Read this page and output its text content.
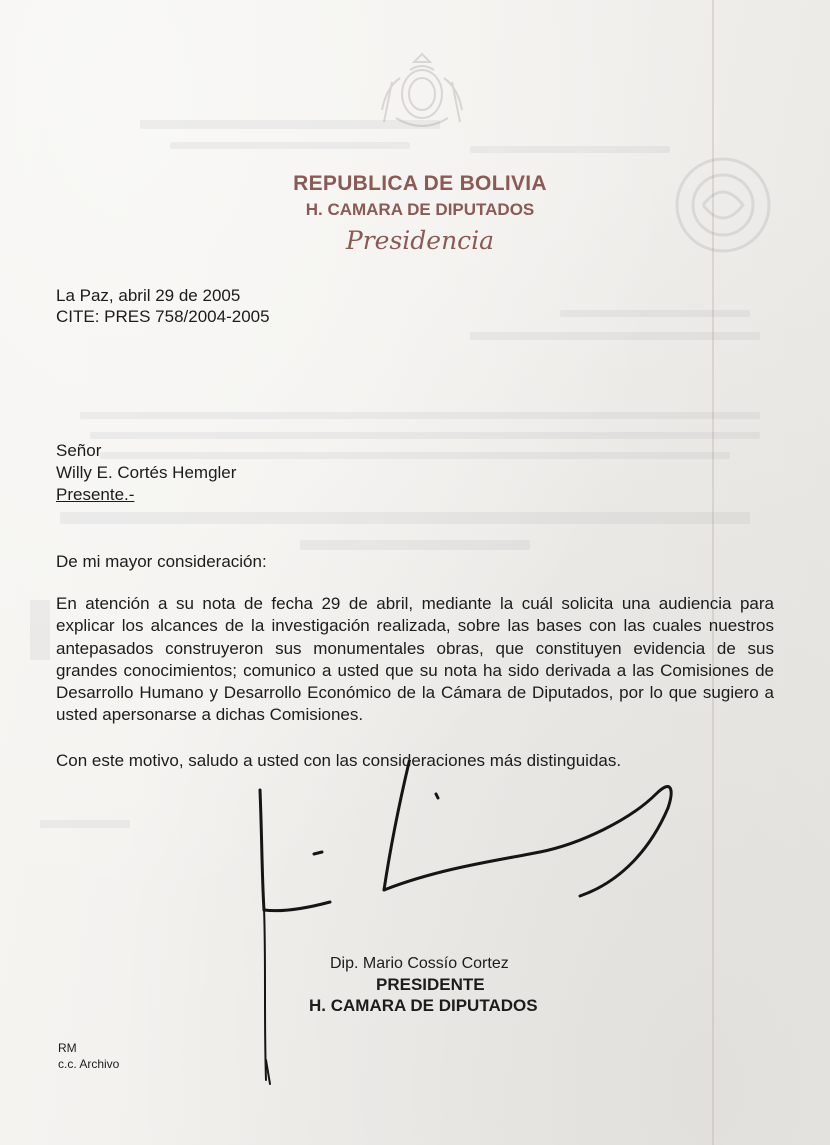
REPUBLICA DE BOLIVIA
H. CAMARA DE DIPUTADOS
Presidencia
La Paz, abril 29 de 2005
CITE: PRES 758/2004-2005
Señor
Willy E. Cortés Hemgler
Presente.-
De mi mayor consideración:
En atención a su nota de fecha 29 de abril, mediante la cuál solicita una audiencia para explicar los alcances de la investigación realizada, sobre las bases con las cuales nuestros antepasados construyeron sus monumentales obras, que constituyen evidencia de sus grandes conocimientos; comunico a usted que su nota ha sido derivada a las Comisiones de Desarrollo Humano y Desarrollo Económico de la Cámara de Diputados, por lo que sugiero a usted apersonarse a dichas Comisiones.
Con este motivo, saludo a usted con las consideraciones más distinguidas.
Dip. Mario Cossío Cortez
PRESIDENTE
H. CAMARA DE DIPUTADOS
RM
c.c. Archivo
